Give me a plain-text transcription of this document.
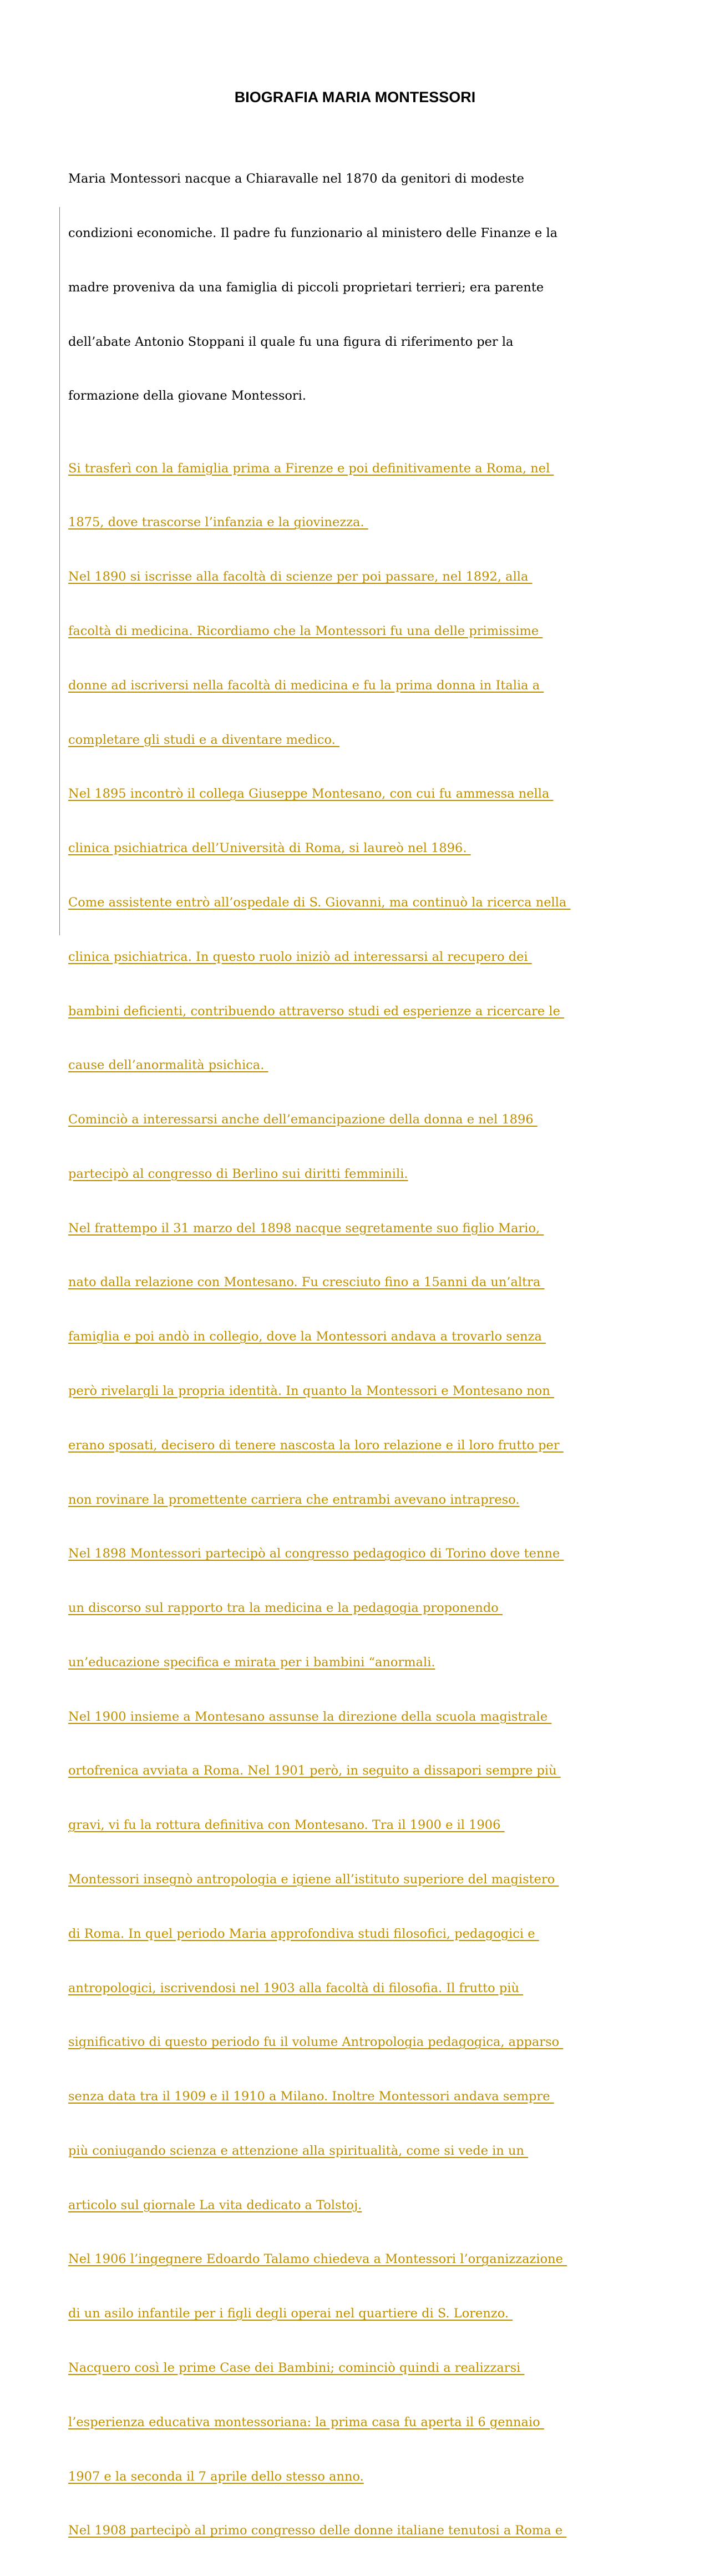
BIOGRAFIA MARIA MONTESSORI

Maria Montessori nacque a Chiaravalle nel 1870 da genitori di modeste

condizioni economiche. Il padre fu funzionario al ministero delle Finanze e la

madre proveniva da una famiglia di piccoli proprietari terrieri; era parente

dell’abate Antonio Stoppani il quale fu una figura di riferimento per la

formazione della giovane Montessori.

Si trasferì con la famiglia prima a Firenze e poi definitivamente a Roma, nel

1875, dove trascorse l’infanzia e la giovinezza.

Nel 1890 si iscrisse alla facoltà di scienze per poi passare, nel 1892, alla

facoltà di medicina. Ricordiamo che la Montessori fu una delle primissime

donne ad iscriversi nella facoltà di medicina e fu la prima donna in Italia a

completare gli studi e a diventare medico.

Nel 1895 incontrò il collega Giuseppe Montesano, con cui fu ammessa nella

clinica psichiatrica dell’Università di Roma, si laureò nel 1896.

Come assistente entrò all’ospedale di S. Giovanni, ma continuò la ricerca nella

clinica psichiatrica. In questo ruolo iniziò ad interessarsi al recupero dei

bambini deficienti, contribuendo attraverso studi ed esperienze a ricercare le

cause dell’anormalità psichica.

Cominciò a interessarsi anche dell’emancipazione della donna e nel 1896

partecipò al congresso di Berlino sui diritti femminili.

Nel frattempo il 31 marzo del 1898 nacque segretamente suo figlio Mario,

nato dalla relazione con Montesano. Fu cresciuto fino a 15anni da un’altra

famiglia e poi andò in collegio, dove la Montessori andava a trovarlo senza

però rivelargli la propria identità. In quanto la Montessori e Montesano non

erano sposati, decisero di tenere nascosta la loro relazione e il loro frutto per

non rovinare la promettente carriera che entrambi avevano intrapreso.

Nel 1898 Montessori partecipò al congresso pedagogico di Torino dove tenne

un discorso sul rapporto tra la medicina e la pedagogia proponendo

un’educazione specifica e mirata per i bambini “anormali.

Nel 1900 insieme a Montesano assunse la direzione della scuola magistrale

ortofrenica avviata a Roma. Nel 1901 però, in seguito a dissapori sempre più

gravi, vi fu la rottura definitiva con Montesano. Tra il 1900 e il 1906

Montessori insegnò antropologia e igiene all’istituto superiore del magistero

di Roma. In quel periodo Maria approfondiva studi filosofici, pedagogici e

antropologici, iscrivendosi nel 1903 alla facoltà di filosofia. Il frutto più

significativo di questo periodo fu il volume Antropologia pedagogica, apparso

senza data tra il 1909 e il 1910 a Milano. Inoltre Montessori andava sempre

più coniugando scienza e attenzione alla spiritualità, come si vede in un

articolo sul giornale La vita dedicato a Tolstoj.

Nel 1906 l’ingegnere Edoardo Talamo chiedeva a Montessori l’organizzazione

di un asilo infantile per i figli degli operai nel quartiere di S. Lorenzo.

Nacquero così le prime Case dei Bambini; cominciò quindi a realizzarsi

l’esperienza educativa montessoriana: la prima casa fu aperta il 6 gennaio

1907 e la seconda il 7 aprile dello stesso anno.

Nel 1908 partecipò al primo congresso delle donne italiane tenutosi a Roma e
